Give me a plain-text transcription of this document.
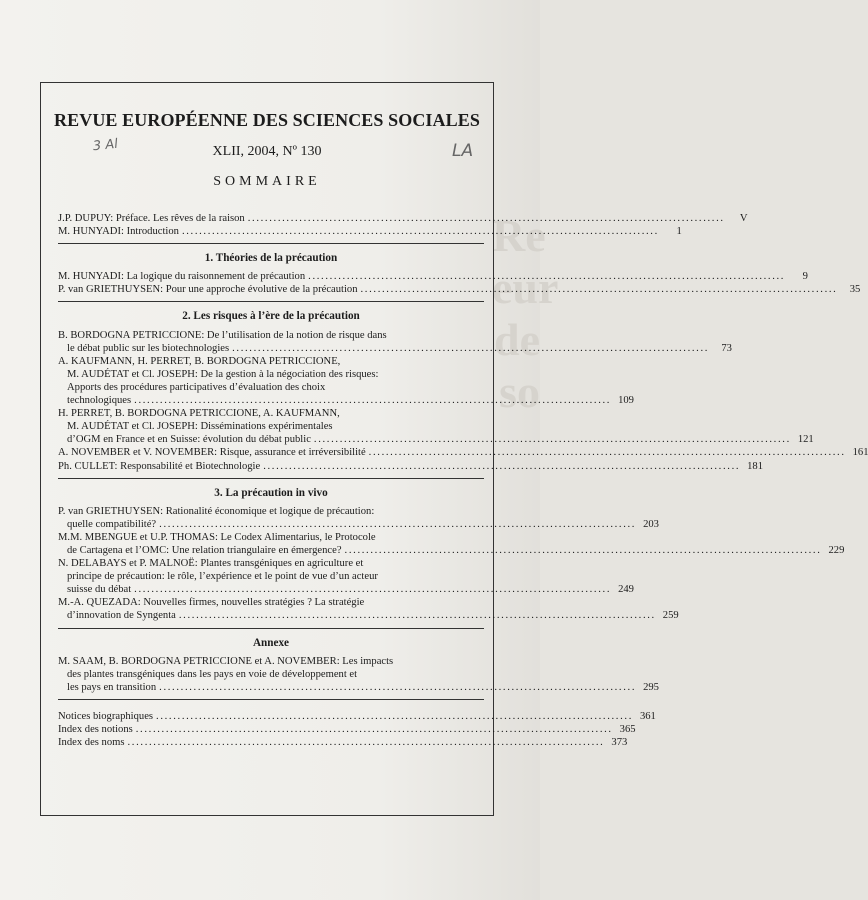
Re
eur
de
so
REVUE EUROPÉENNE DES SCIENCES SOCIALES
3 Al	XLII, 2004, Nº 130	LA
SOMMAIRE
J.P. DUPUY: Préface. Les rêves de la raison . . .	V
M. HUNYADI: Introduction . . .	1
1. Théories de la précaution
M. HUNYADI: La logique du raisonnement de précaution . . .	9
P. van GRIETHUYSEN: Pour une approche évolutive de la précaution . . .	35
2. Les risques à l’ère de la précaution
B. BORDOGNA PETRICCIONE: De l’utilisation de la notion de risque dans
le débat public sur les biotechnologies . . .	73
A. KAUFMANN, H. PERRET, B. BORDOGNA PETRICCIONE,
M. AUDÉTAT et Cl. JOSEPH: De la gestion à la négociation des risques:
Apports des procédures participatives d’évaluation des choix
technologiques . . .	109
H. PERRET, B. BORDOGNA PETRICCIONE, A. KAUFMANN,
M. AUDÉTAT et Cl. JOSEPH: Disséminations expérimentales
d’OGM en France et en Suisse: évolution du débat public . . .	121
A. NOVEMBER et V. NOVEMBER: Risque, assurance et irréversibilité . . .	161
Ph. CULLET: Responsabilité et Biotechnologie . . .	181
3. La précaution in vivo
P. van GRIETHUYSEN: Rationalité économique et logique de précaution:
quelle compatibilité? . . .	203
M.M. MBENGUE et U.P. THOMAS: Le Codex Alimentarius, le Protocole
de Cartagena et l’OMC: Une relation triangulaire en émergence? . . .	229
N. DELABAYS et P. MALNOË: Plantes transgéniques en agriculture et
principe de précaution: le rôle, l’expérience et le point de vue d’un acteur
suisse du débat . . .	249
M.-A. QUEZADA: Nouvelles firmes, nouvelles stratégies ? La stratégie
d’innovation de Syngenta . . .	259
Annexe
M. SAAM, B. BORDOGNA PETRICCIONE et A. NOVEMBER: Les impacts
des plantes transgéniques dans les pays en voie de développement et
les pays en transition . . .	295
Notices biographiques . . .	361
Index des notions . . .	365
Index des noms . . .	373
